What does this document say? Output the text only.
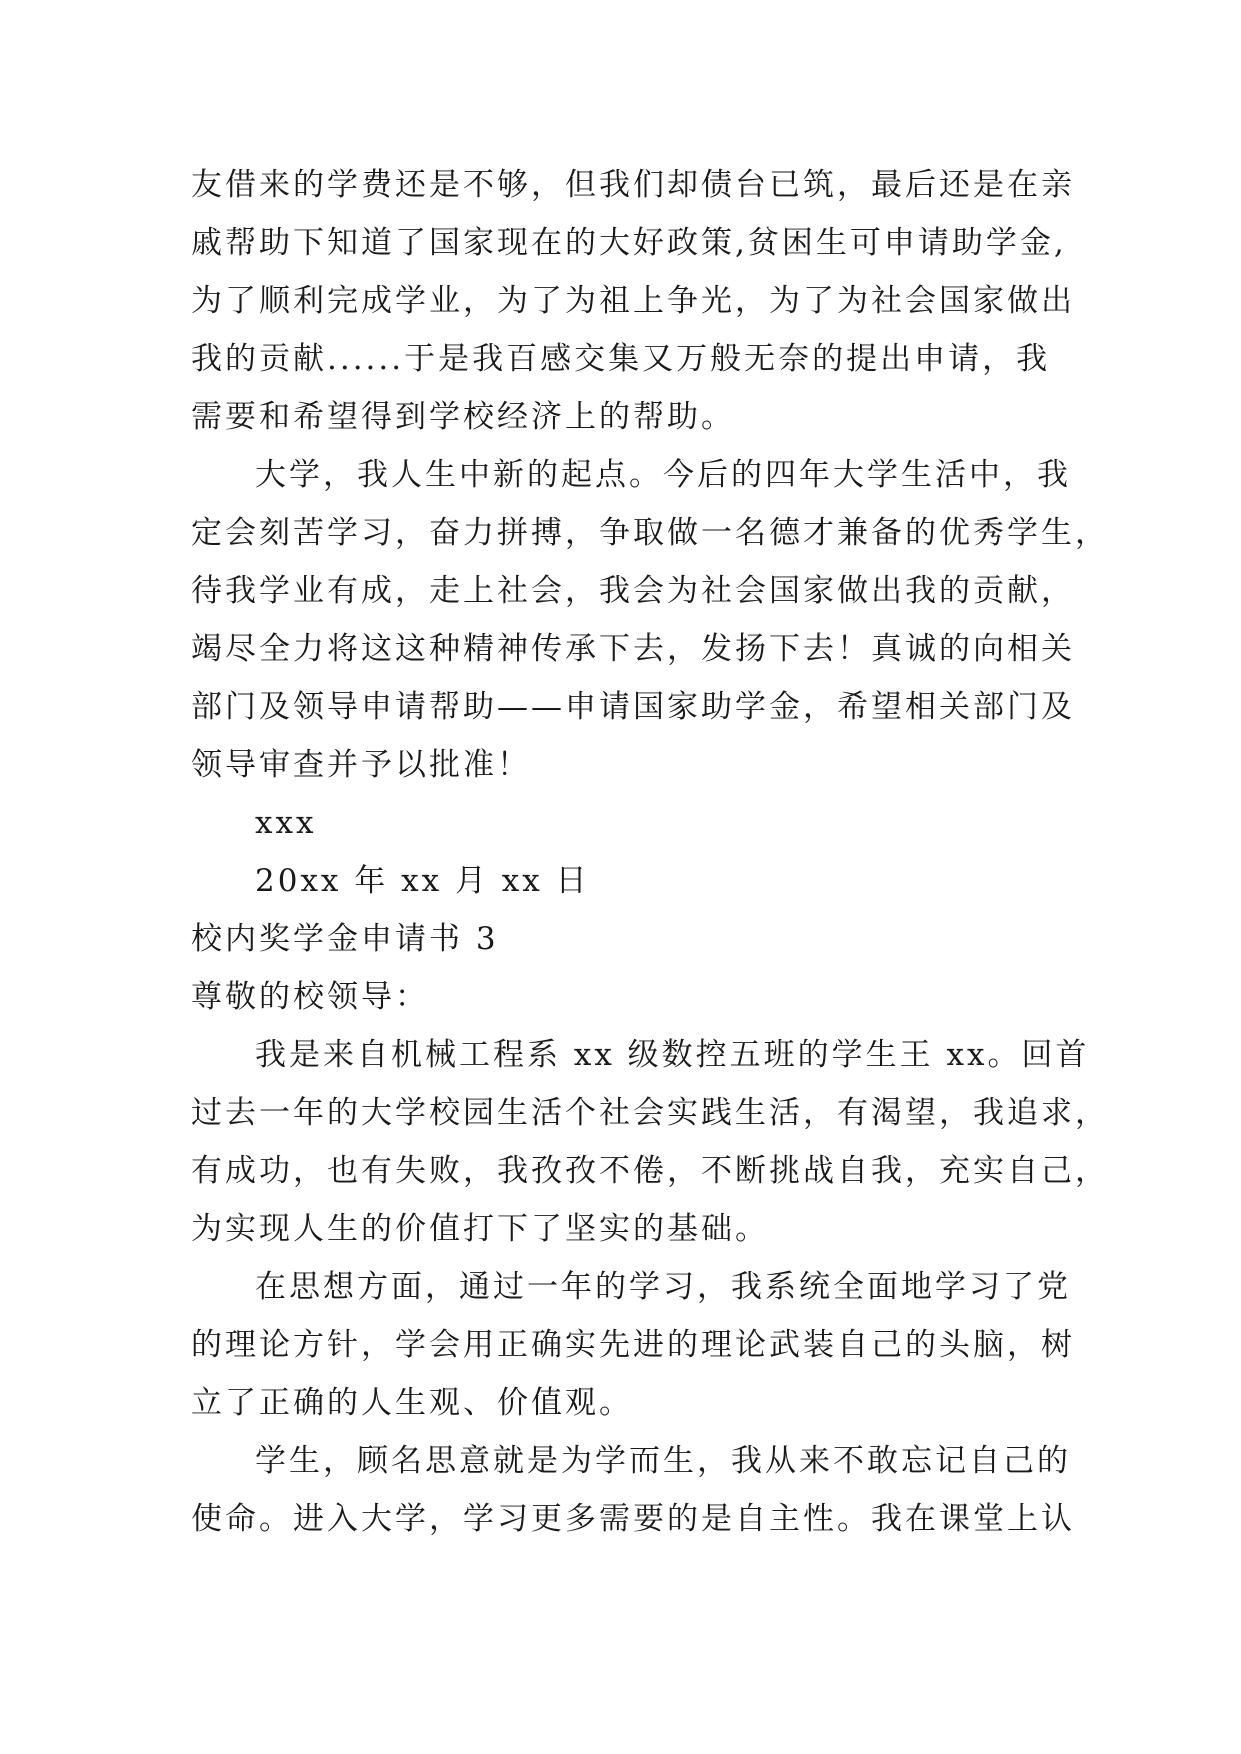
友借来的学费还是不够，但我们却债台已筑，最后还是在亲
戚帮助下知道了国家现在的大好政策,贫困生可申请助学金,
为了顺利完成学业，为了为祖上争光，为了为社会国家做出
我的贡献......于是我百感交集又万般无奈的提出申请，我
需要和希望得到学校经济上的帮助。
大学，我人生中新的起点。今后的四年大学生活中，我
定会刻苦学习，奋力拼搏，争取做一名德才兼备的优秀学生，
待我学业有成，走上社会，我会为社会国家做出我的贡献，
竭尽全力将这这种精神传承下去，发扬下去！真诚的向相关
部门及领导申请帮助——申请国家助学金，希望相关部门及
领导审查并予以批准！
xxx
20xx 年 xx 月 xx 日
校内奖学金申请书 3
尊敬的校领导：
我是来自机械工程系 xx 级数控五班的学生王 xx。回首
过去一年的大学校园生活个社会实践生活，有渴望，我追求，
有成功，也有失败，我孜孜不倦，不断挑战自我，充实自己，
为实现人生的价值打下了坚实的基础。
在思想方面，通过一年的学习，我系统全面地学习了党
的理论方针，学会用正确实先进的理论武装自己的头脑，树
立了正确的人生观、价值观。
学生，顾名思意就是为学而生，我从来不敢忘记自己的
使命。进入大学，学习更多需要的是自主性。我在课堂上认
